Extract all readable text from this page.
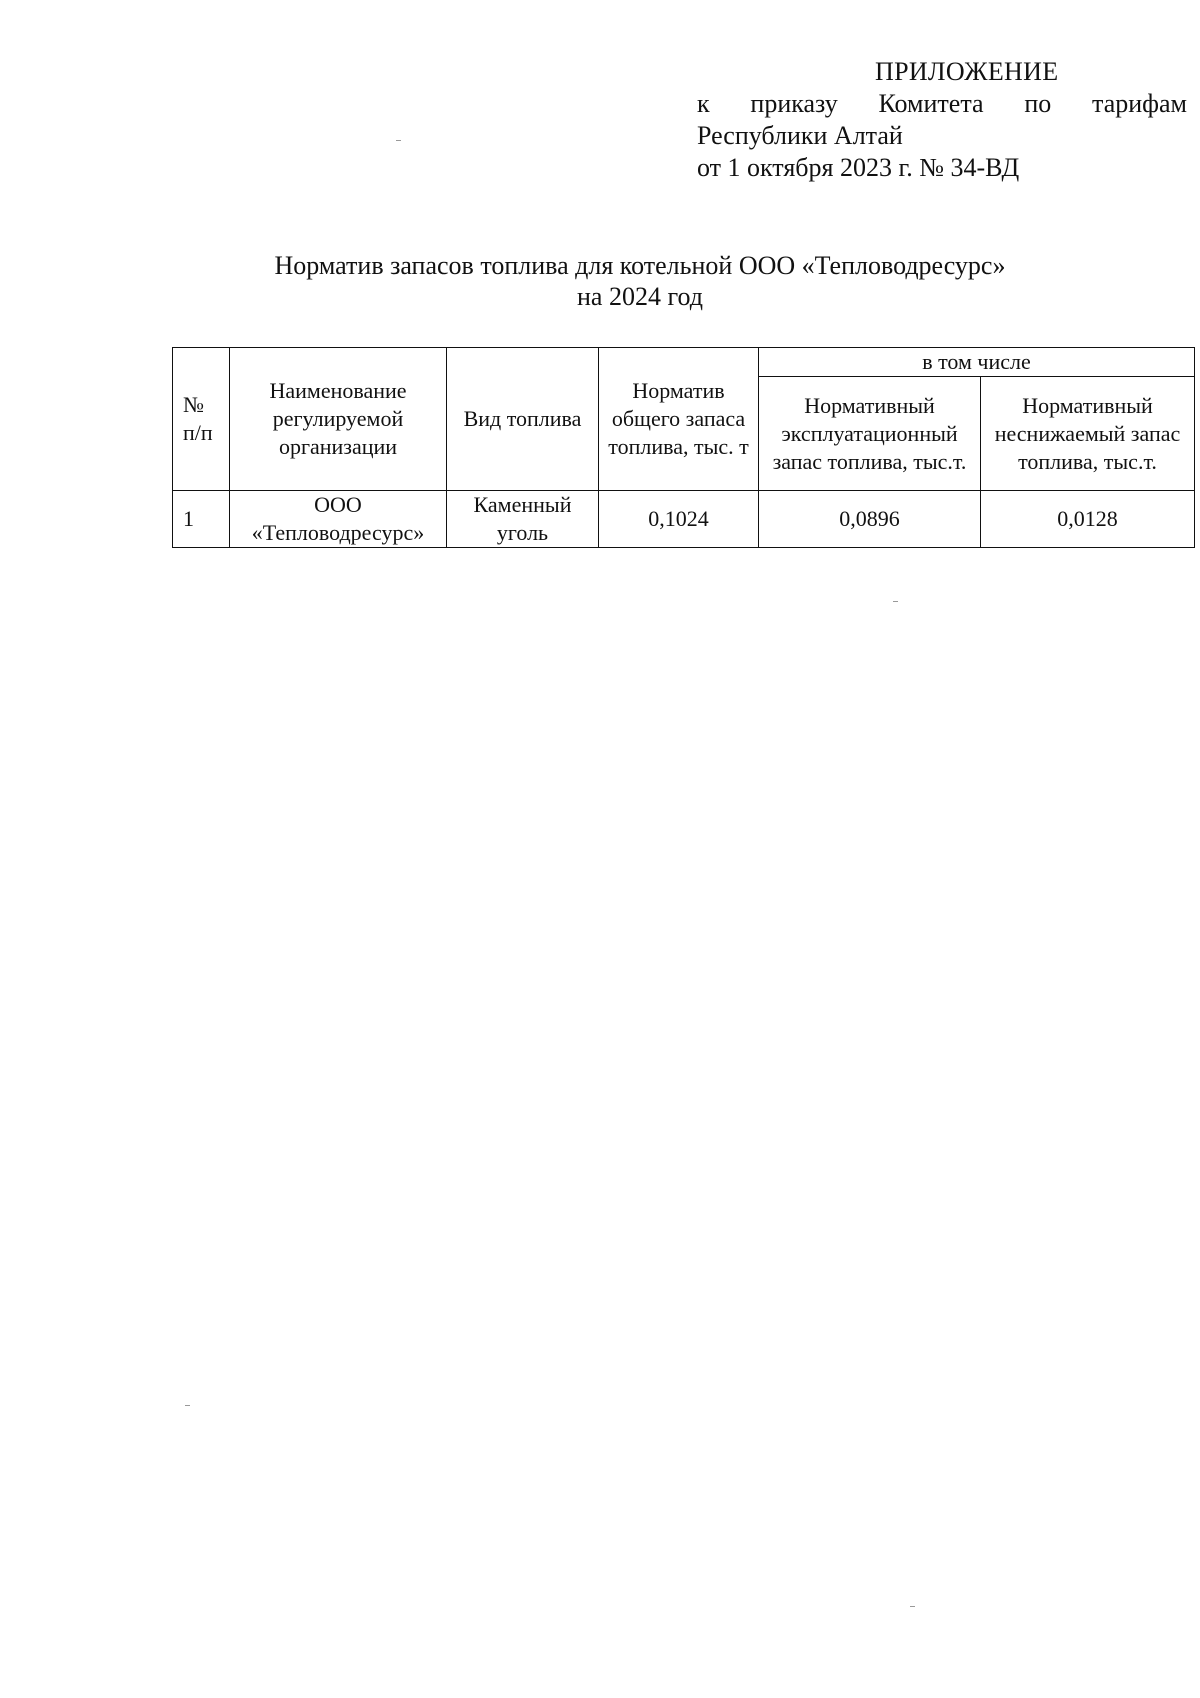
ПРИЛОЖЕНИЕ
к приказу Комитета по тарифам
Республики Алтай
от 1 октября 2023 г. № 34-ВД
Норматив запасов топлива для котельной ООО «Тепловодресурс»
на 2024 год
№ п/п	Наименование регулируемой организации	Вид топлива	Норматив общего запаса топлива, тыс. т	в том числе	
				Нормативный эксплуатационный запас топлива, тыс.т.	Нормативный неснижаемый запас топлива, тыс.т.
1	ООО «Тепловодресурс»	Каменный уголь	0,1024	0,0896	0,0128
